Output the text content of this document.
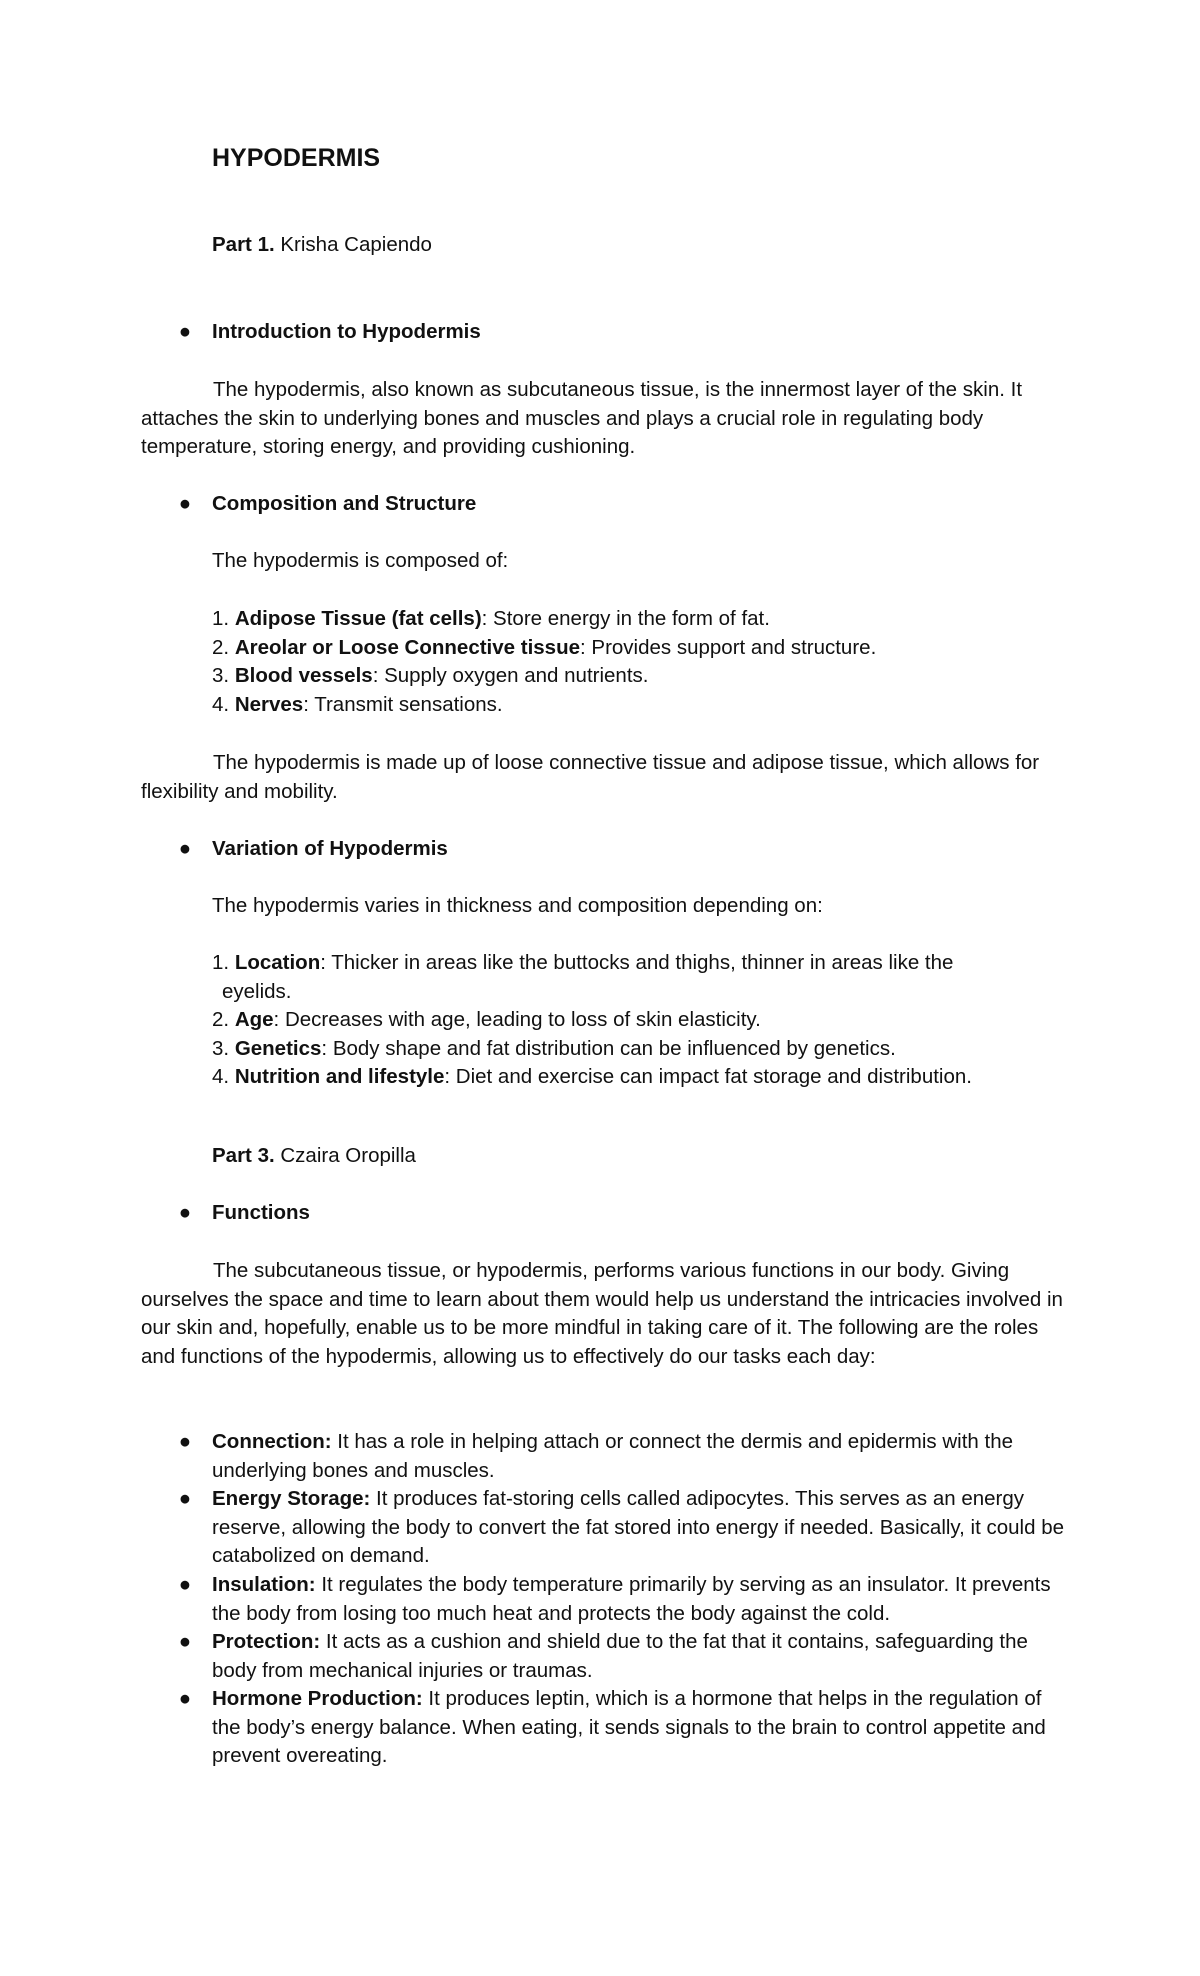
HYPODERMIS
Part 1. Krisha Capiendo
● Introduction to Hypodermis

The hypodermis, also known as subcutaneous tissue, is the innermost layer of the skin. It attaches the skin to underlying bones and muscles and plays a crucial role in regulating body temperature, storing energy, and providing cushioning.

● Composition and Structure
The hypodermis is composed of:
1. Adipose Tissue (fat cells): Store energy in the form of fat.
2. Areolar or Loose Connective tissue: Provides support and structure.
3. Blood vessels: Supply oxygen and nutrients.
4. Nerves: Transmit sensations.

The hypodermis is made up of loose connective tissue and adipose tissue, which allows for flexibility and mobility.

● Variation of Hypodermis
The hypodermis varies in thickness and composition depending on:
1. Location: Thicker in areas like the buttocks and thighs, thinner in areas like the
eyelids.
2. Age: Decreases with age, leading to loss of skin elasticity.
3. Genetics: Body shape and fat distribution can be influenced by genetics.
4. Nutrition and lifestyle: Diet and exercise can impact fat storage and distribution.
Part 3. Czaira Oropilla
● Functions

The subcutaneous tissue, or hypodermis, performs various functions in our body. Giving ourselves the space and time to learn about them would help us understand the intricacies involved in our skin and, hopefully, enable us to be more mindful in taking care of it. The following are the roles and functions of the hypodermis, allowing us to effectively do our tasks each day:

● Connection: It has a role in helping attach or connect the dermis and epidermis with the underlying bones and muscles.
● Energy Storage: It produces fat-storing cells called adipocytes. This serves as an energy reserve, allowing the body to convert the fat stored into energy if needed. Basically, it could be catabolized on demand.
● Insulation: It regulates the body temperature primarily by serving as an insulator. It prevents the body from losing too much heat and protects the body against the cold.
● Protection: It acts as a cushion and shield due to the fat that it contains, safeguarding the body from mechanical injuries or traumas.
● Hormone Production: It produces leptin, which is a hormone that helps in the regulation of the body’s energy balance. When eating, it sends signals to the brain to control appetite and prevent overeating.
